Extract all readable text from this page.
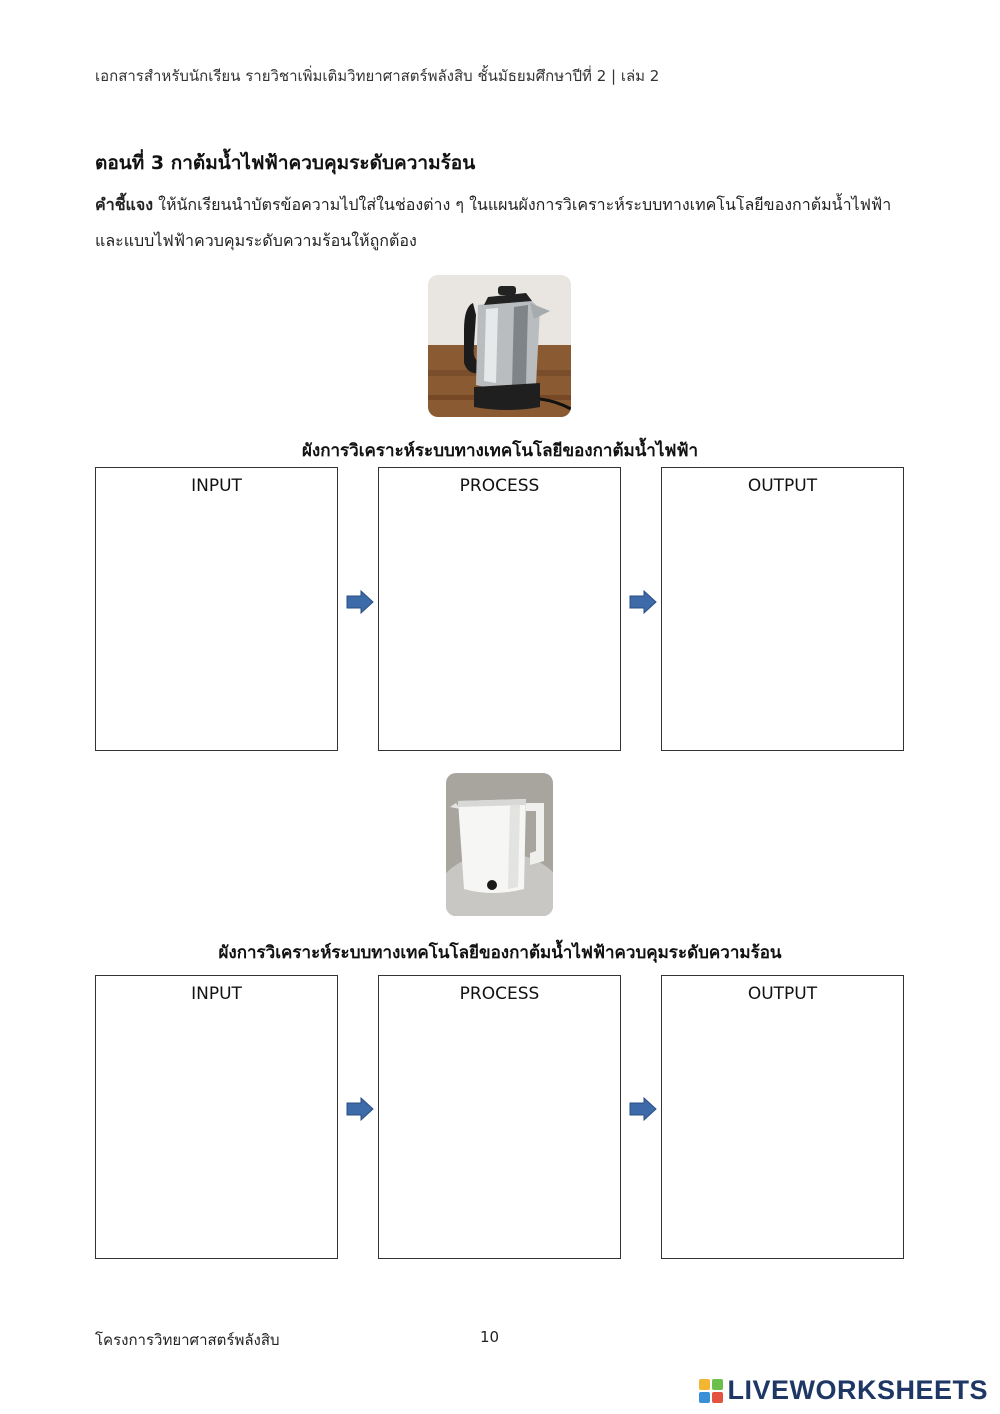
เอกสารสำหรับนักเรียน รายวิชาเพิ่มเติมวิทยาศาสตร์พลังสิบ ชั้นมัธยมศึกษาปีที่ 2 | เล่ม 2
ตอนที่ 3 กาต้มน้ำไฟฟ้าควบคุมระดับความร้อน
คำชี้แจง ให้นักเรียนนำบัตรข้อความไปใส่ในช่องต่าง ๆ ในแผนผังการวิเคราะห์ระบบทางเทคโนโลยีของกาต้มน้ำไฟฟ้าและแบบไฟฟ้าควบคุมระดับความร้อนให้ถูกต้อง
ผังการวิเคราะห์ระบบทางเทคโนโลยีของกาต้มน้ำไฟฟ้า
INPUT	PROCESS	OUTPUT
ผังการวิเคราะห์ระบบทางเทคโนโลยีของกาต้มน้ำไฟฟ้าควบคุมระดับความร้อน
INPUT	PROCESS	OUTPUT
โครงการวิทยาศาสตร์พลังสิบ	10
LIVEWORKSHEETS
